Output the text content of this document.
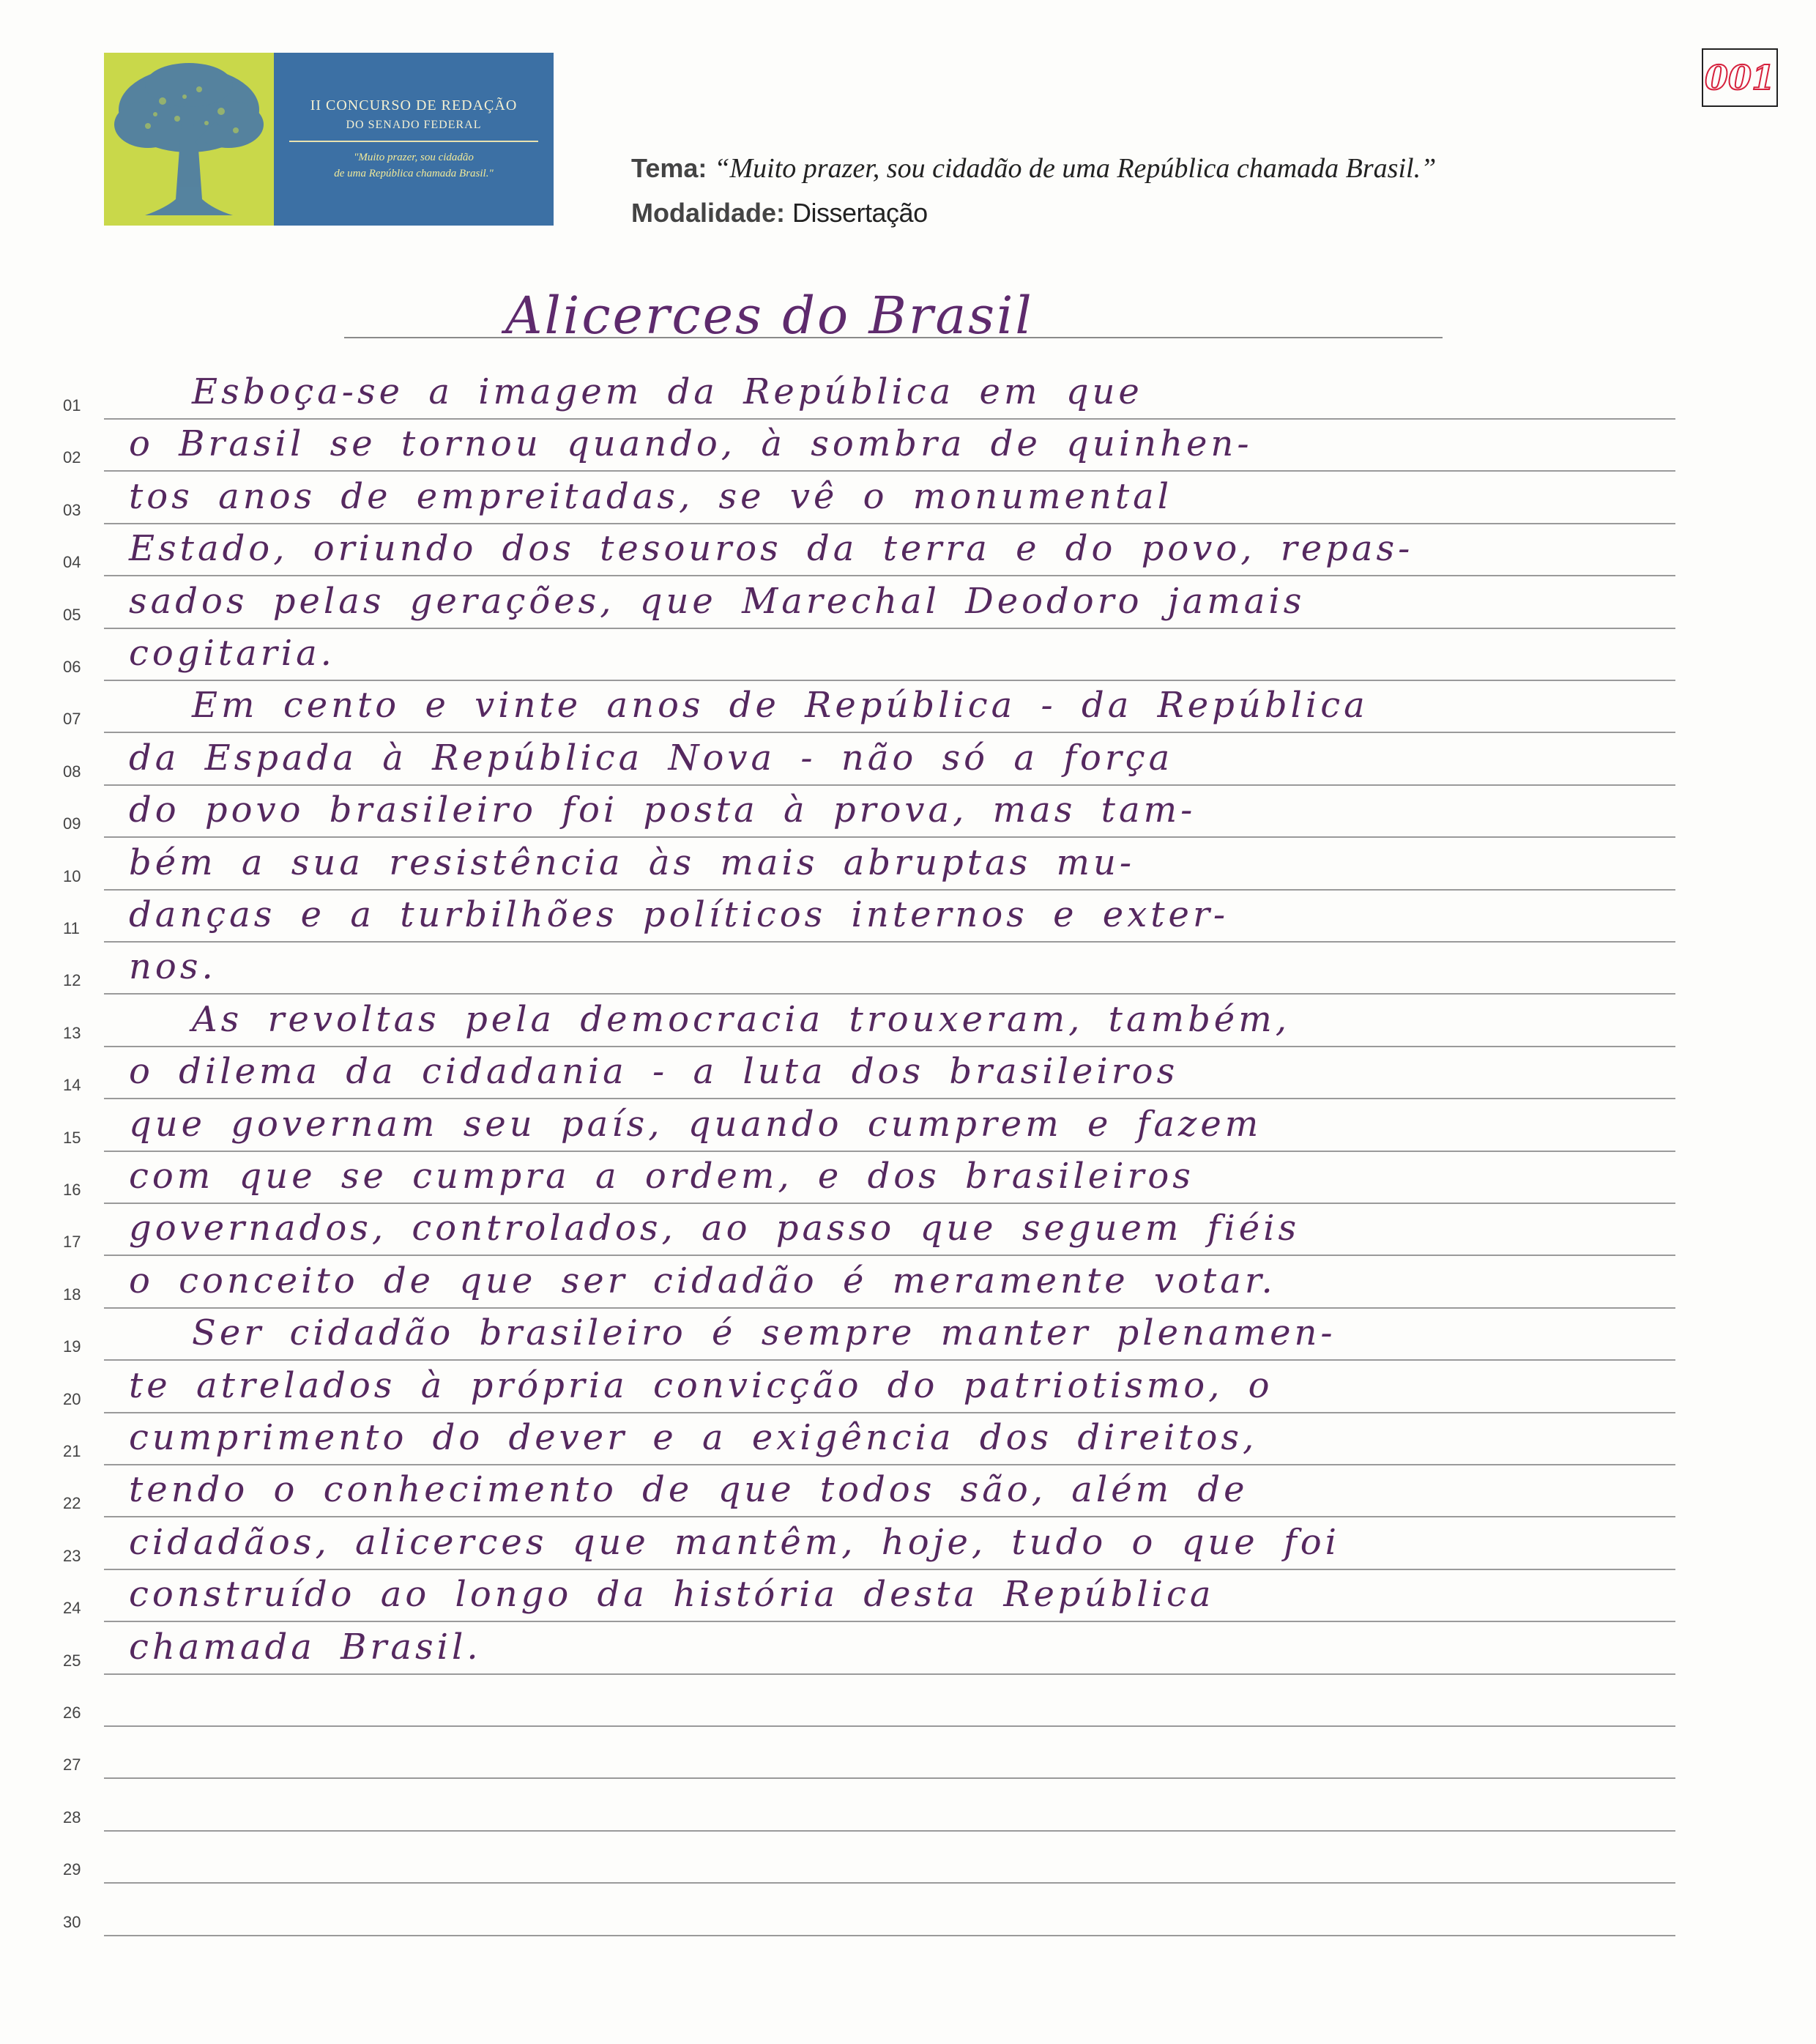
II CONCURSO DE REDAÇÃO
DO SENADO FEDERAL
"Muito prazer, sou cidadão
de uma República chamada Brasil."
001
Tema: “Muito prazer, sou cidadão de uma República chamada Brasil.”
Modalidade: Dissertação
Alicerces do Brasil
01	Esboça-se a imagem da República em que
02 o Brasil se tornou quando, à sombra de quinhen-
03 tos anos de empreitadas, se vê o monumental
04 Estado, oriundo dos tesouros da terra e do povo, repas-
05 sados pelas gerações, que Marechal Deodoro jamais
06 cogitaria.
07	Em cento e vinte anos de República - da República
08 da Espada à República Nova - não só a força
09 do povo brasileiro foi posta à prova, mas tam-
10 bém a sua resistência às mais abruptas mu-
11 danças e a turbilhões políticos internos e exter-
12 nos.
13	As revoltas pela democracia trouxeram, também,
14 o dilema da cidadania - a luta dos brasileiros
15 que governam seu país, quando cumprem e fazem
16 com que se cumpra a ordem, e dos brasileiros
17 governados, controlados, ao passo que seguem fiéis
18 o conceito de que ser cidadão é meramente votar.
19	Ser cidadão brasileiro é sempre manter plenamen-
20 te atrelados à própria convicção do patriotismo, o
21 cumprimento do dever e a exigência dos direitos,
22 tendo o conhecimento de que todos são, além de
23 cidadãos, alicerces que mantêm, hoje, tudo o que foi
24 construído ao longo da história desta República
25 chamada Brasil.
26
27
28
29
30
